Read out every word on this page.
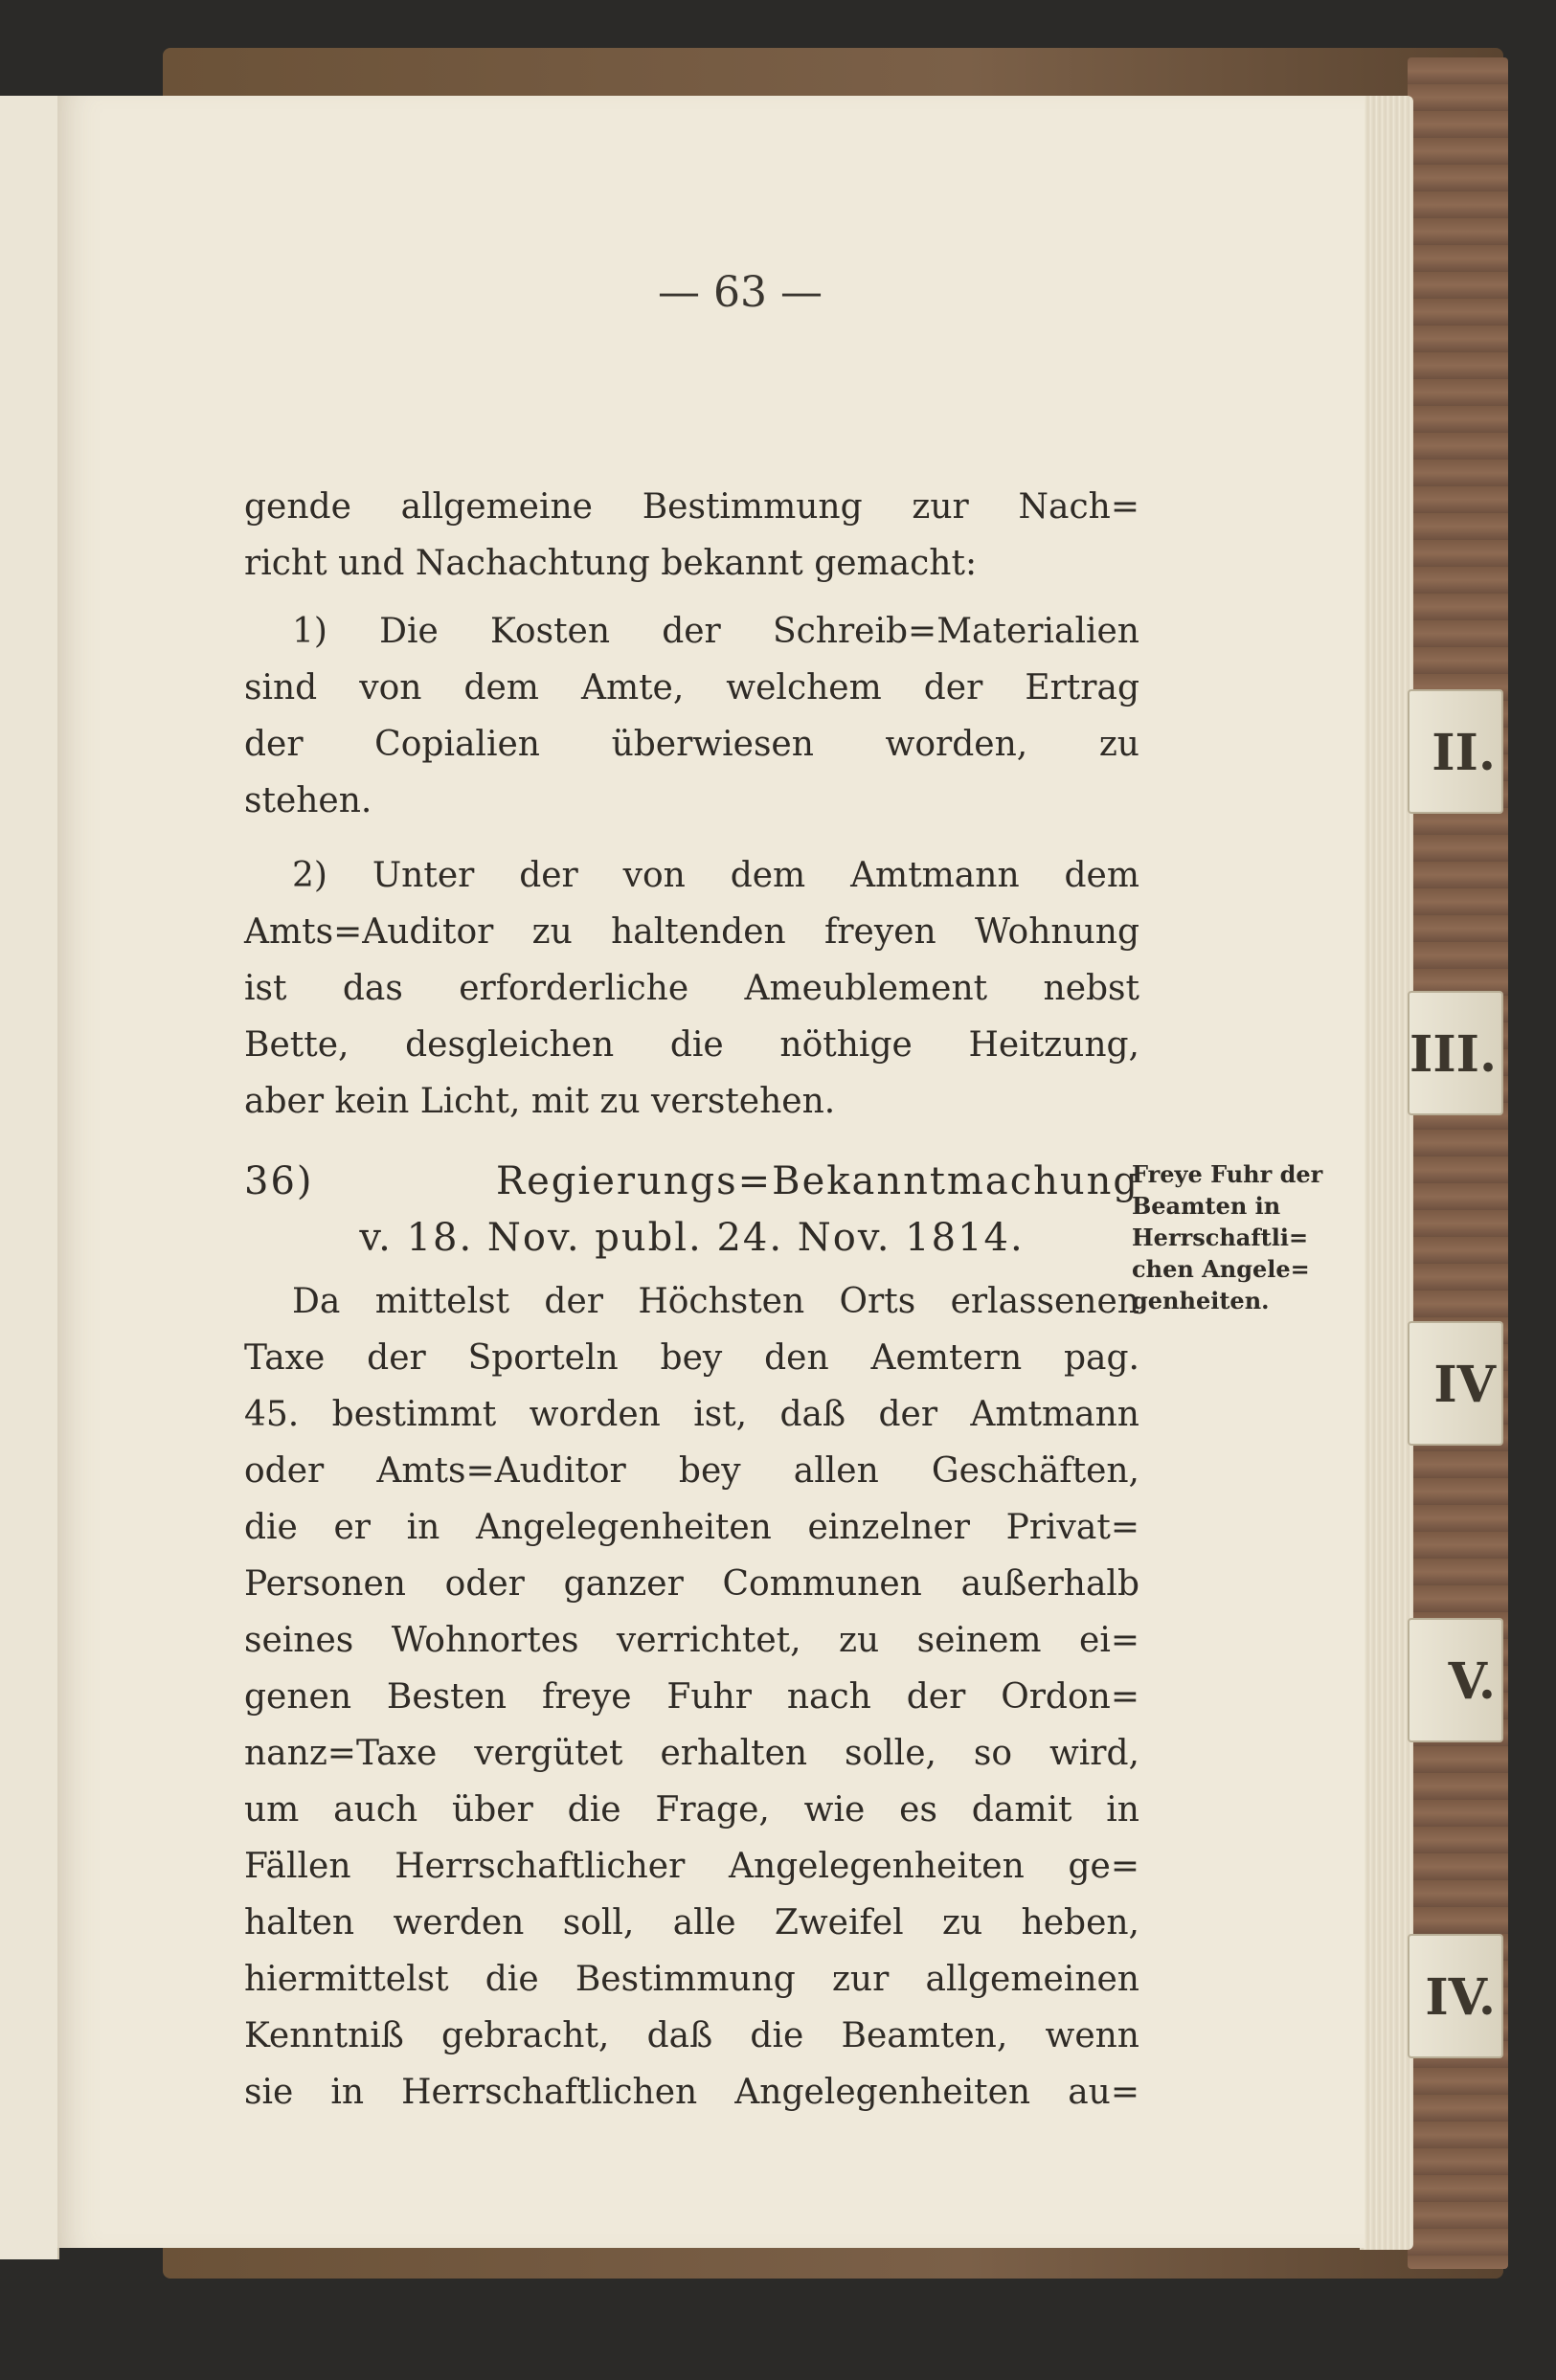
— 63 —
gende allgemeine Bestimmung zur Nach=
richt und Nachachtung bekannt gemacht:
1) Die Kosten der Schreib=Materialien
sind von dem Amte, welchem der Ertrag
der Copialien überwiesen worden, zu
stehen.
2) Unter der von dem Amtmann dem
Amts=Auditor zu haltenden freyen Wohnung
ist das erforderliche Ameublement nebst
Bette, desgleichen die nöthige Heitzung,
aber kein Licht, mit zu verstehen.
36) Regierungs=Bekanntmachung
v. 18. Nov. publ. 24. Nov. 1814.
Da mittelst der Höchsten Orts erlassenen
Taxe der Sporteln bey den Aemtern pag.
45. bestimmt worden ist, daß der Amtmann
oder Amts=Auditor bey allen Geschäften,
die er in Angelegenheiten einzelner Privat=
Personen oder ganzer Communen außerhalb
seines Wohnortes verrichtet, zu seinem ei=
genen Besten freye Fuhr nach der Ordon=
nanz=Taxe vergütet erhalten solle, so wird,
um auch über die Frage, wie es damit in
Fällen Herrschaftlicher Angelegenheiten ge=
halten werden soll, alle Zweifel zu heben,
hiermittelst die Bestimmung zur allgemeinen
Kenntniß gebracht, daß die Beamten, wenn
sie in Herrschaftlichen Angelegenheiten au=
Freye Fuhr der
Beamten in
Herrschaftli=
chen Angele=
genheiten.
II.
III.
IV
V.
IV.
